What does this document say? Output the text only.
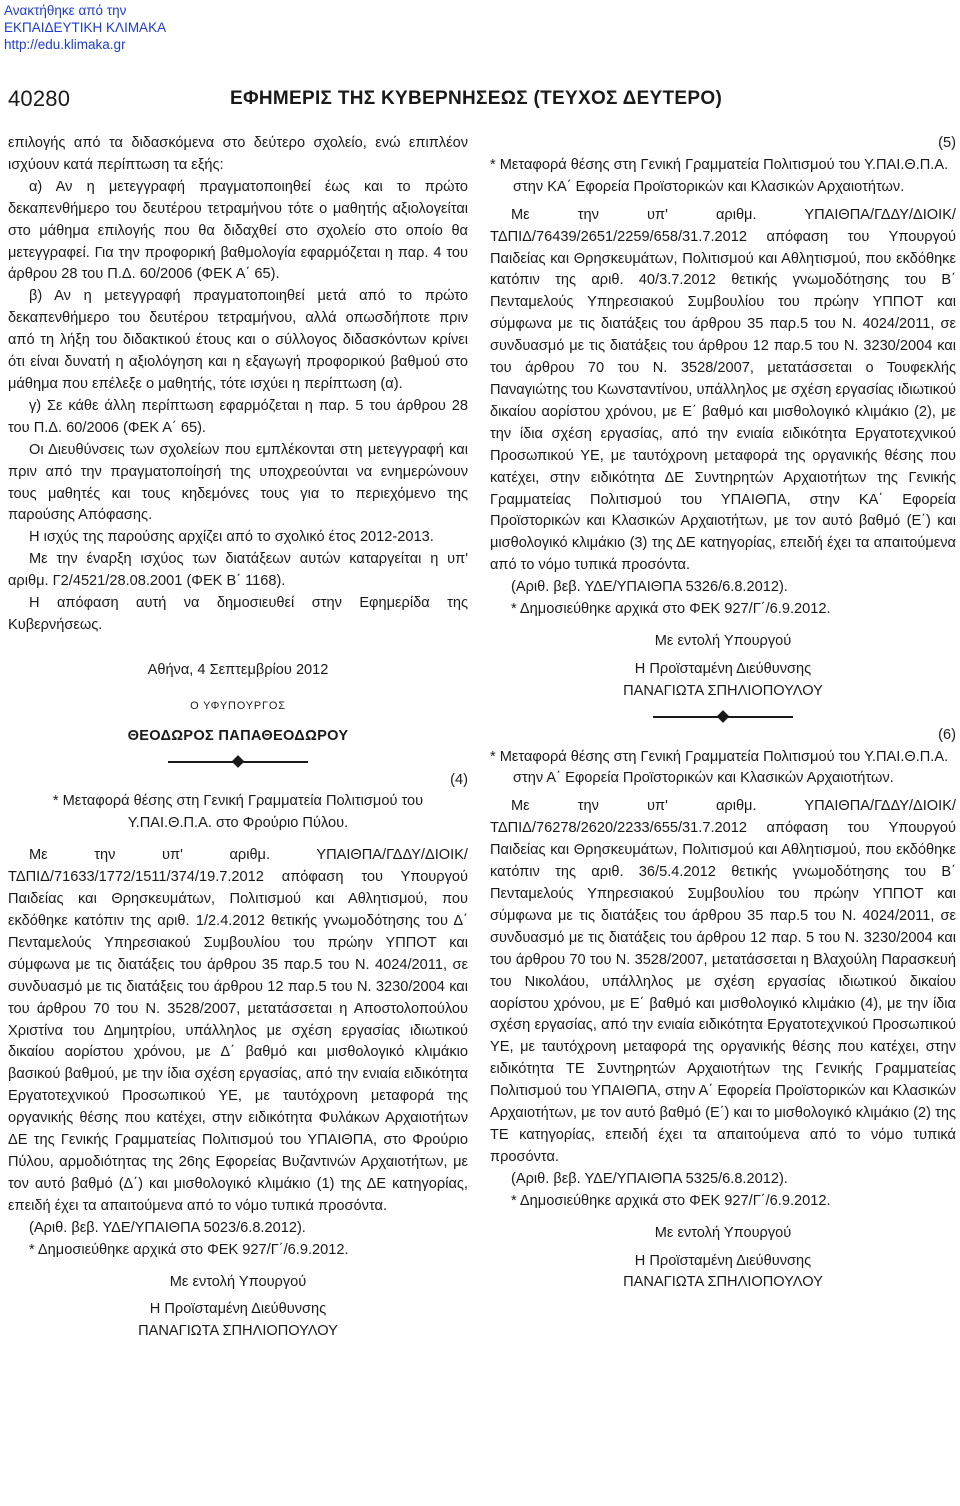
Ανακτήθηκε από την
ΕΚΠΑΙΔΕΥΤΙΚΗ ΚΛΙΜΑΚΑ
http://edu.klimaka.gr
40280	ΕΦΗΜΕΡΙΣ ΤΗΣ ΚΥΒΕΡΝΗΣΕΩΣ (ΤΕΥΧΟΣ ΔΕΥΤΕΡΟ)

επιλογής από τα διδασκόμενα στο δεύτερο σχολείο, ενώ επιπλέον ισχύουν κατά περίπτωση τα εξής:

α) Αν η μετεγγραφή πραγματοποιηθεί έως και το πρώτο δεκαπενθήμερο του δευτέρου τετραμήνου τότε ο μαθητής αξιολογείται στο μάθημα επιλογής που θα διδαχθεί στο σχολείο στο οποίο θα μετεγγραφεί. Για την προφορική βαθμολογία εφαρμόζεται η παρ. 4 του άρθρου 28 του Π.Δ. 60/2006 (ΦΕΚ Α΄ 65).

β) Αν η μετεγγραφή πραγματοποιηθεί μετά από το πρώτο δεκαπενθήμερο του δευτέρου τετραμήνου, αλλά οπωσδήποτε πριν από τη λήξη του διδακτικού έτους και ο σύλλογος διδασκόντων κρίνει ότι είναι δυνατή η αξιολόγηση και η εξαγωγή προφορικού βαθμού στο μάθημα που επέλεξε ο μαθητής, τότε ισχύει η περίπτωση (α).

γ) Σε κάθε άλλη περίπτωση εφαρμόζεται η παρ. 5 του άρθρου 28 του Π.Δ. 60/2006 (ΦΕΚ Α΄ 65).

Οι Διευθύνσεις των σχολείων που εμπλέκονται στη μετεγγραφή και πριν από την πραγματοποίησή της υποχρεούνται να ενημερώνουν τους μαθητές και τους κηδεμόνες τους για το περιεχόμενο της παρούσης Απόφασης.

Η ισχύς της παρούσης αρχίζει από το σχολικό έτος 2012-2013.

Με την έναρξη ισχύος των διατάξεων αυτών καταργείται η υπ' αριθμ. Γ2/4521/28.08.2001 (ΦΕΚ Β΄ 1168).

Η απόφαση αυτή να δημοσιευθεί στην Εφημερίδα της Κυβερνήσεως.

Αθήνα, 4 Σεπτεμβρίου 2012

Ο ΥΦΥΠΟΥΡΓΟΣ

ΘΕΟΔΩΡΟΣ ΠΑΠΑΘΕΟΔΩΡΟΥ

(4)

* Μεταφορά θέσης στη Γενική Γραμματεία Πολιτισμού του Υ.ΠΑΙ.Θ.Π.Α. στο Φρούριο Πύλου.

Με την υπ' αριθμ. ΥΠΑΙΘΠΑ/ΓΔΔΥ/ΔΙΟΙΚ/ΤΔΠΙΔ/71633/1772/1511/374/19.7.2012 απόφαση του Υπουργού Παιδείας και Θρησκευμάτων, Πολιτισμού και Αθλητισμού, που εκδόθηκε κατόπιν της αριθ. 1/2.4.2012 θετικής γνωμοδότησης του Δ΄ Πενταμελούς Υπηρεσιακού Συμβουλίου του πρώην ΥΠΠΟΤ και σύμφωνα με τις διατάξεις του άρθρου 35 παρ.5 του Ν. 4024/2011, σε συνδυασμό με τις διατάξεις του άρθρου 12 παρ.5 του Ν. 3230/2004 και του άρθρου 70 του Ν. 3528/2007, μετατάσσεται η Αποστολοπούλου Χριστίνα του Δημητρίου, υπάλληλος με σχέση εργασίας ιδιωτικού δικαίου αορίστου χρόνου, με Δ΄ βαθμό και μισθολογικό κλιμάκιο βασικού βαθμού, με την ίδια σχέση εργασίας, από την ενιαία ειδικότητα Εργατοτεχνικού Προσωπικού ΥΕ, με ταυτόχρονη μεταφορά της οργανικής θέσης που κατέχει, στην ειδικότητα Φυλάκων Αρχαιοτήτων ΔΕ της Γενικής Γραμματείας Πολιτισμού του ΥΠΑΙΘΠΑ, στο Φρούριο Πύλου, αρμοδιότητας της 26ης Εφορείας Βυζαντινών Αρχαιοτήτων, με τον αυτό βαθμό (Δ΄) και μισθολογικό κλιμάκιο (1) της ΔΕ κατηγορίας, επειδή έχει τα απαιτούμενα από το νόμο τυπικά προσόντα.

(Αριθ. βεβ. ΥΔΕ/ΥΠΑΙΘΠΑ 5023/6.8.2012).

* Δημοσιεύθηκε αρχικά στο ΦΕΚ 927/Γ΄/6.9.2012.

Με εντολή Υπουργού

Η Προϊσταμένη Διεύθυνσης

ΠΑΝΑΓΙΩΤΑ ΣΠΗΛΙΟΠΟΥΛΟΥ

(5)

* Μεταφορά θέσης στη Γενική Γραμματεία Πολιτισμού του Υ.ΠΑΙ.Θ.Π.Α. στην ΚΑ΄ Εφορεία Προϊστορικών και Κλασικών Αρχαιοτήτων.

Με την υπ' αριθμ. ΥΠΑΙΘΠΑ/ΓΔΔΥ/ΔΙΟΙΚ/ΤΔΠΙΔ/76439/2651/2259/658/31.7.2012 απόφαση του Υπουργού Παιδείας και Θρησκευμάτων, Πολιτισμού και Αθλητισμού, που εκδόθηκε κατόπιν της αριθ. 40/3.7.2012 θετικής γνωμοδότησης του Β΄ Πενταμελούς Υπηρεσιακού Συμβουλίου του πρώην ΥΠΠΟΤ και σύμφωνα με τις διατάξεις του άρθρου 35 παρ.5 του Ν. 4024/2011, σε συνδυασμό με τις διατάξεις του άρθρου 12 παρ.5 του Ν. 3230/2004 και του άρθρου 70 του Ν. 3528/2007, μετατάσσεται ο Τουφεκλής Παναγιώτης του Κωνσταντίνου, υπάλληλος με σχέση εργασίας ιδιωτικού δικαίου αορίστου χρόνου, με Ε΄ βαθμό και μισθολογικό κλιμάκιο (2), με την ίδια σχέση εργασίας, από την ενιαία ειδικότητα Εργατοτεχνικού Προσωπικού ΥΕ, με ταυτόχρονη μεταφορά της οργανικής θέσης που κατέχει, στην ειδικότητα ΔΕ Συντηρητών Αρχαιοτήτων της Γενικής Γραμματείας Πολιτισμού του ΥΠΑΙΘΠΑ, στην ΚΑ΄ Εφορεία Προϊστορικών και Κλασικών Αρχαιοτήτων, με τον αυτό βαθμό (Ε΄) και μισθολογικό κλιμάκιο (3) της ΔΕ κατηγορίας, επειδή έχει τα απαιτούμενα από το νόμο τυπικά προσόντα.

(Αριθ. βεβ. ΥΔΕ/ΥΠΑΙΘΠΑ 5326/6.8.2012).

* Δημοσιεύθηκε αρχικά στο ΦΕΚ 927/Γ΄/6.9.2012.

Με εντολή Υπουργού

Η Προϊσταμένη Διεύθυνσης

ΠΑΝΑΓΙΩΤΑ ΣΠΗΛΙΟΠΟΥΛΟΥ

(6)

* Μεταφορά θέσης στη Γενική Γραμματεία Πολιτισμού του Υ.ΠΑΙ.Θ.Π.Α. στην Α΄ Εφορεία Προϊστορικών και Κλασικών Αρχαιοτήτων.

Με την υπ' αριθμ. ΥΠΑΙΘΠΑ/ΓΔΔΥ/ΔΙΟΙΚ/ΤΔΠΙΔ/76278/2620/2233/655/31.7.2012 απόφαση του Υπουργού Παιδείας και Θρησκευμάτων, Πολιτισμού και Αθλητισμού, που εκδόθηκε κατόπιν της αριθ. 36/5.4.2012 θετικής γνωμοδότησης του Β΄ Πενταμελούς Υπηρεσιακού Συμβουλίου του πρώην ΥΠΠΟΤ και σύμφωνα με τις διατάξεις του άρθρου 35 παρ.5 του Ν. 4024/2011, σε συνδυασμό με τις διατάξεις του άρθρου 12 παρ. 5 του Ν. 3230/2004 και του άρθρου 70 του Ν. 3528/2007, μετατάσσεται η Βλαχούλη Παρασκευή του Νικολάου, υπάλληλος με σχέση εργασίας ιδιωτικού δικαίου αορίστου χρόνου, με Ε΄ βαθμό και μισθολογικό κλιμάκιο (4), με την ίδια σχέση εργασίας, από την ενιαία ειδικότητα Εργατοτεχνικού Προσωπικού ΥΕ, με ταυτόχρονη μεταφορά της οργανικής θέσης που κατέχει, στην ειδικότητα ΤΕ Συντηρητών Αρχαιοτήτων της Γενικής Γραμματείας Πολιτισμού του ΥΠΑΙΘΠΑ, στην Α΄ Εφορεία Προϊστορικών και Κλασικών Αρχαιοτήτων, με τον αυτό βαθμό (Ε΄) και το μισθολογικό κλιμάκιο (2) της ΤΕ κατηγορίας, επειδή έχει τα απαιτούμενα από το νόμο τυπικά προσόντα.

(Αριθ. βεβ. ΥΔΕ/ΥΠΑΙΘΠΑ 5325/6.8.2012).

* Δημοσιεύθηκε αρχικά στο ΦΕΚ 927/Γ΄/6.9.2012.

Με εντολή Υπουργού

Η Προϊσταμένη Διεύθυνσης

ΠΑΝΑΓΙΩΤΑ ΣΠΗΛΙΟΠΟΥΛΟΥ
